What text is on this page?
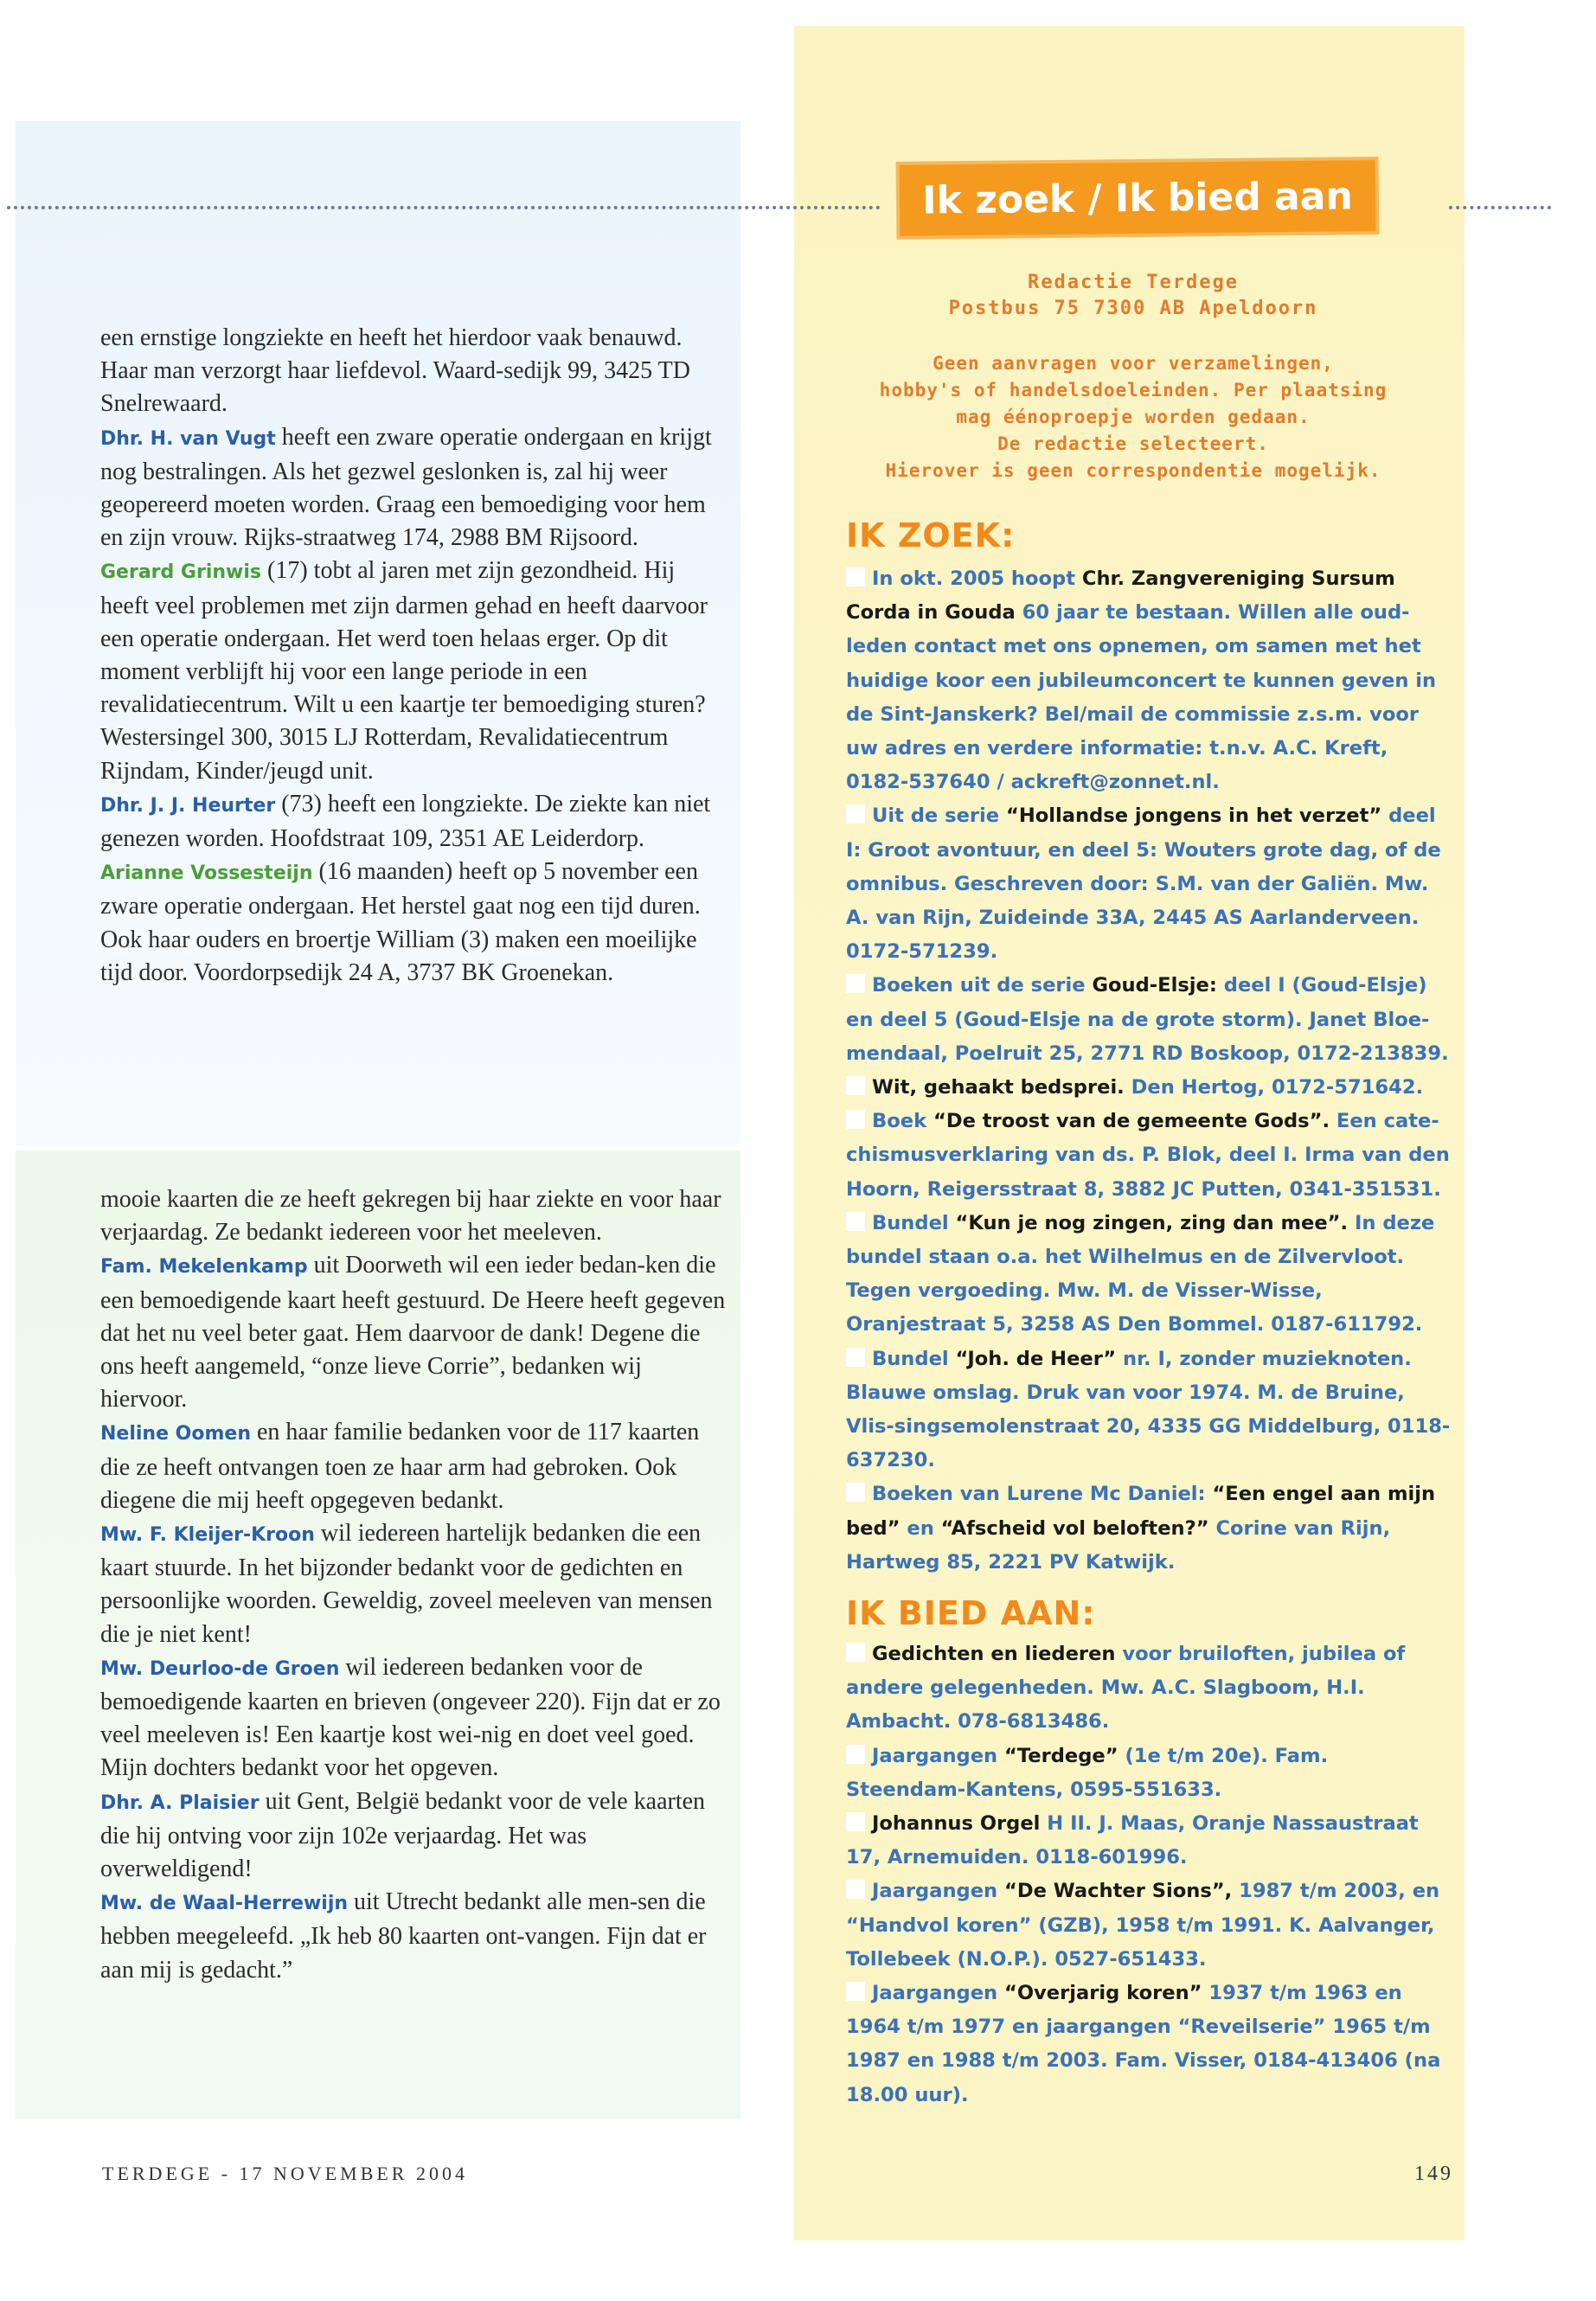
Ik zoek / Ik bied aan
Redactie Terdege
Postbus 75 7300 AB Apeldoorn
Geen aanvragen voor verzamelingen,
hobby's of handelsdoeleinden. Per plaatsing
mag éénoproepje worden gedaan.
De redactie selecteert.
Hierover is geen correspondentie mogelijk.

een ernstige longziekte en heeft het hierdoor vaak benauwd. Haar man verzorgt haar liefdevol. Waard-sedijk 99, 3425 TD Snelrewaard.

Dhr. H. van Vugt heeft een zware operatie ondergaan en krijgt nog bestralingen. Als het gezwel geslonken is, zal hij weer geopereerd moeten worden. Graag een bemoediging voor hem en zijn vrouw. Rijks-straatweg 174, 2988 BM Rijsoord.

Gerard Grinwis (17) tobt al jaren met zijn gezondheid. Hij heeft veel problemen met zijn darmen gehad en heeft daarvoor een operatie ondergaan. Het werd toen helaas erger. Op dit moment verblijft hij voor een lange periode in een revalidatiecentrum. Wilt u een kaartje ter bemoediging sturen? Westersingel 300, 3015 LJ Rotterdam, Revalidatiecentrum Rijndam, Kinder/jeugd unit.

Dhr. J. J. Heurter (73) heeft een longziekte. De ziekte kan niet genezen worden. Hoofdstraat 109, 2351 AE Leiderdorp.

Arianne Vossesteijn (16 maanden) heeft op 5 november een zware operatie ondergaan. Het herstel gaat nog een tijd duren. Ook haar ouders en broertje William (3) maken een moeilijke tijd door. Voordorpsedijk 24 A, 3737 BK Groenekan.

mooie kaarten die ze heeft gekregen bij haar ziekte en voor haar verjaardag. Ze bedankt iedereen voor het meeleven.

Fam. Mekelenkamp uit Doorweth wil een ieder bedan-ken die een bemoedigende kaart heeft gestuurd. De Heere heeft gegeven dat het nu veel beter gaat. Hem daarvoor de dank! Degene die ons heeft aangemeld, “onze lieve Corrie”, bedanken wij hiervoor.

Neline Oomen en haar familie bedanken voor de 117 kaarten die ze heeft ontvangen toen ze haar arm had gebroken. Ook diegene die mij heeft opgegeven bedankt.

Mw. F. Kleijer-Kroon wil iedereen hartelijk bedanken die een kaart stuurde. In het bijzonder bedankt voor de gedichten en persoonlijke woorden. Geweldig, zoveel meeleven van mensen die je niet kent!

Mw. Deurloo-de Groen wil iedereen bedanken voor de bemoedigende kaarten en brieven (ongeveer 220). Fijn dat er zo veel meeleven is! Een kaartje kost wei-nig en doet veel goed. Mijn dochters bedankt voor het opgeven.

Dhr. A. Plaisier uit Gent, België bedankt voor de vele kaarten die hij ontving voor zijn 102e verjaardag. Het was overweldigend!

Mw. de Waal-Herrewijn uit Utrecht bedankt alle men-sen die hebben meegeleefd. „Ik heb 80 kaarten ont-vangen. Fijn dat er aan mij is gedacht.”

IK ZOEK:

In okt. 2005 hoopt Chr. Zangvereniging Sursum Corda in Gouda 60 jaar te bestaan. Willen alle oud-leden contact met ons opnemen, om samen met het huidige koor een jubileumconcert te kunnen geven in de Sint-Janskerk? Bel/mail de commissie z.s.m. voor uw adres en verdere informatie: t.n.v. A.C. Kreft, 0182-537640 / ackreft@zonnet.nl.

Uit de serie “Hollandse jongens in het verzet” deel I: Groot avontuur, en deel 5: Wouters grote dag, of de omnibus. Geschreven door: S.M. van der Galiën. Mw. A. van Rijn, Zuideinde 33A, 2445 AS Aarlanderveen. 0172-571239.

Boeken uit de serie Goud-Elsje: deel I (Goud-Elsje) en deel 5 (Goud-Elsje na de grote storm). Janet Bloe-mendaal, Poelruit 25, 2771 RD Boskoop, 0172-213839.

Wit, gehaakt bedsprei. Den Hertog, 0172-571642.

Boek “De troost van de gemeente Gods”. Een cate-chismusverklaring van ds. P. Blok, deel I. Irma van den Hoorn, Reigersstraat 8, 3882 JC Putten, 0341-351531.

Bundel “Kun je nog zingen, zing dan mee”. In deze bundel staan o.a. het Wilhelmus en de Zilvervloot. Tegen vergoeding. Mw. M. de Visser-Wisse, Oranjestraat 5, 3258 AS Den Bommel. 0187-611792.

Bundel “Joh. de Heer” nr. I, zonder muzieknoten. Blauwe omslag. Druk van voor 1974. M. de Bruine, Vlis-singsemolenstraat 20, 4335 GG Middelburg, 0118-637230.

Boeken van Lurene Mc Daniel: “Een engel aan mijn bed” en “Afscheid vol beloften?” Corine van Rijn, Hartweg 85, 2221 PV Katwijk.

IK BIED AAN:

Gedichten en liederen voor bruiloften, jubilea of andere gelegenheden. Mw. A.C. Slagboom, H.I. Ambacht. 078-6813486.

Jaargangen “Terdege” (1e t/m 20e). Fam. Steendam-Kantens, 0595-551633.

Johannus Orgel H II. J. Maas, Oranje Nassaustraat 17, Arnemuiden. 0118-601996.

Jaargangen “De Wachter Sions”, 1987 t/m 2003, en “Handvol koren” (GZB), 1958 t/m 1991. K. Aalvanger, Tollebeek (N.O.P.). 0527-651433.

Jaargangen “Overjarig koren” 1937 t/m 1963 en 1964 t/m 1977 en jaargangen “Reveilserie” 1965 t/m 1987 en 1988 t/m 2003. Fam. Visser, 0184-413406 (na 18.00 uur).

TERDEGE - 17 NOVEMBER 2004	149
